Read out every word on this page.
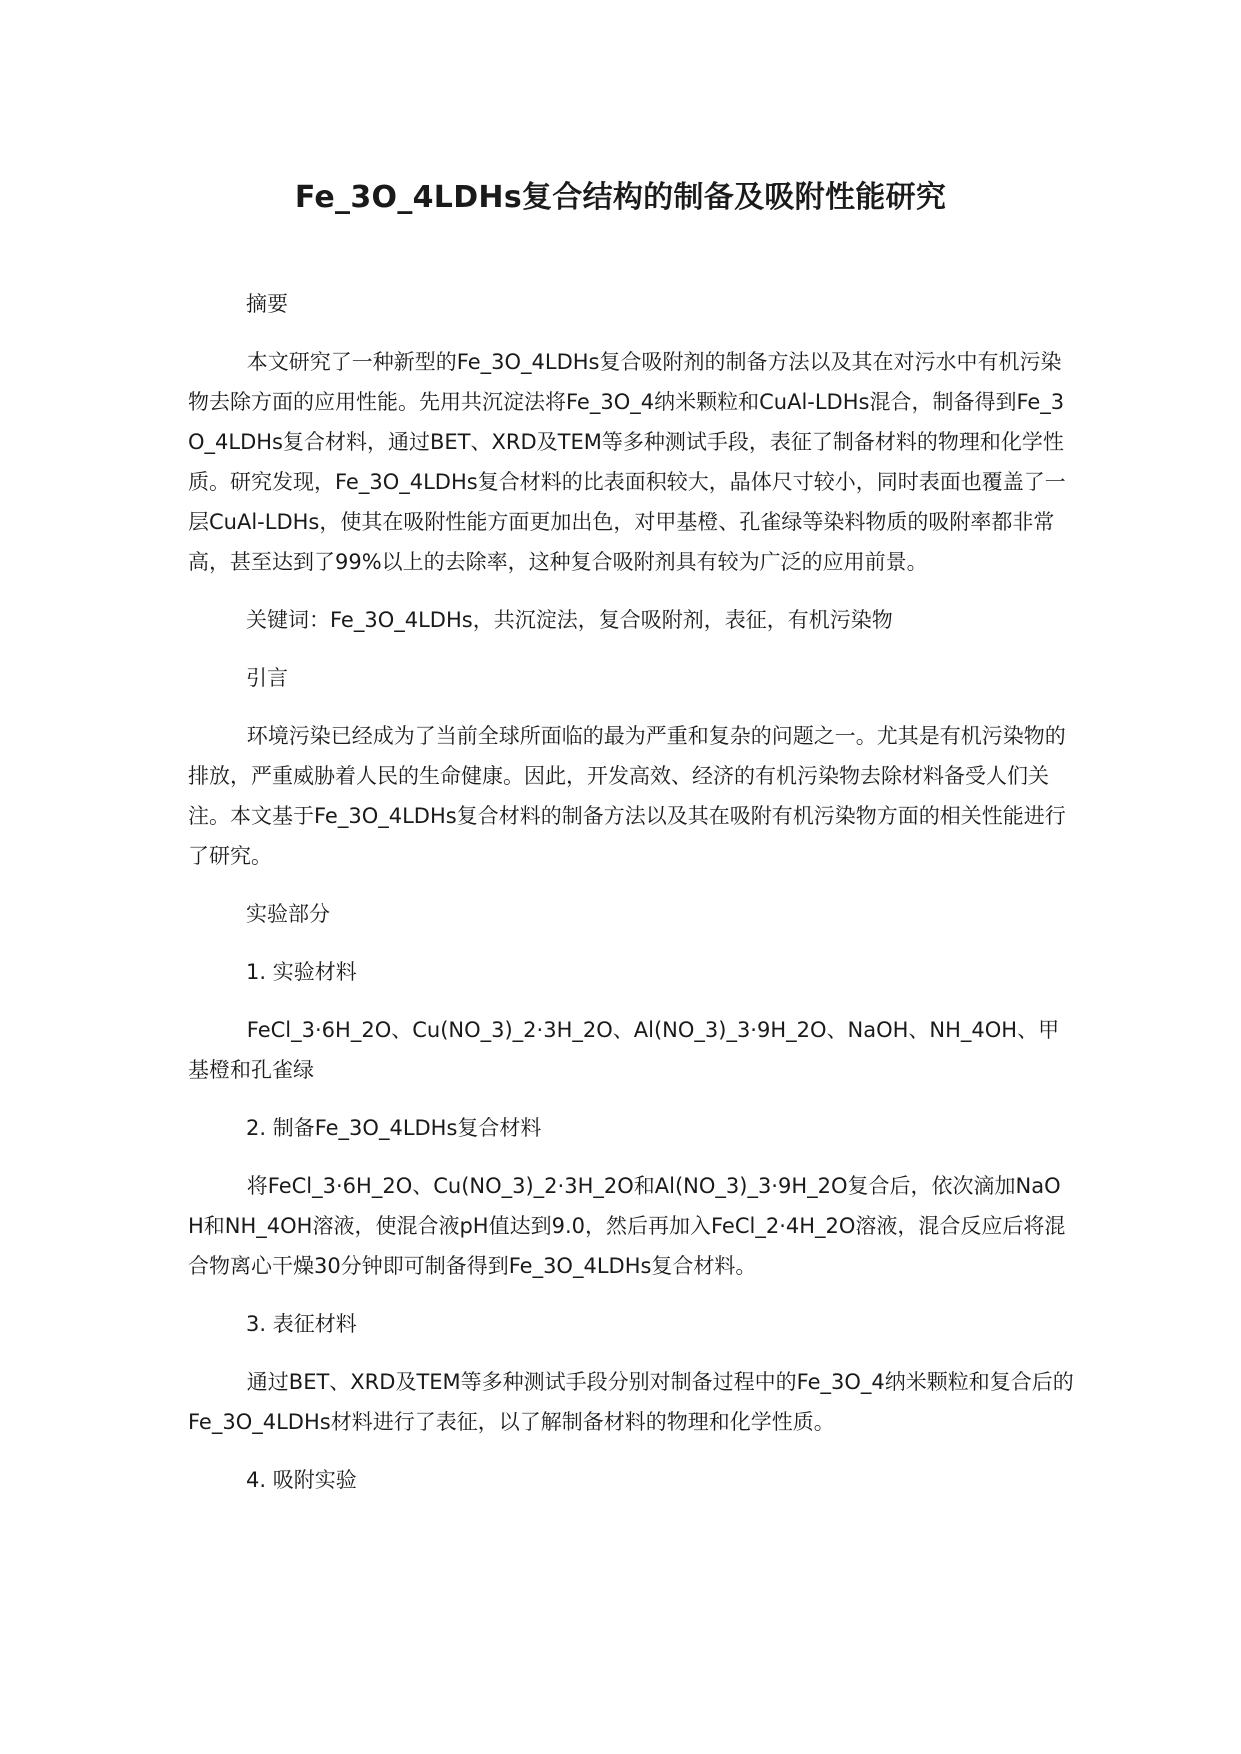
Fe_3O_4LDHs复合结构的制备及吸附性能研究
摘要
本文研究了一种新型的Fe_3O_4LDHs复合吸附剂的制备方法以及其在对污水中有机污染物去除方面的应用性能。先用共沉淀法将Fe_3O_4纳米颗粒和CuAl-LDHs混合，制备得到Fe_3O_4LDHs复合材料，通过BET、XRD及TEM等多种测试手段，表征了制备材料的物理和化学性质。研究发现，Fe_3O_4LDHs复合材料的比表面积较大，晶体尺寸较小，同时表面也覆盖了一层CuAl-LDHs，使其在吸附性能方面更加出色，对甲基橙、孔雀绿等染料物质的吸附率都非常高，甚至达到了99%以上的去除率，这种复合吸附剂具有较为广泛的应用前景。
关键词：Fe_3O_4LDHs，共沉淀法，复合吸附剂，表征，有机污染物
引言
环境污染已经成为了当前全球所面临的最为严重和复杂的问题之一。尤其是有机污染物的排放，严重威胁着人民的生命健康。因此，开发高效、经济的有机污染物去除材料备受人们关注。本文基于Fe_3O_4LDHs复合材料的制备方法以及其在吸附有机污染物方面的相关性能进行了研究。
实验部分
1. 实验材料
FeCl_3·6H_2O、Cu(NO_3)_2·3H_2O、Al(NO_3)_3·9H_2O、NaOH、NH_4OH、甲基橙和孔雀绿
2. 制备Fe_3O_4LDHs复合材料
将FeCl_3·6H_2O、Cu(NO_3)_2·3H_2O和Al(NO_3)_3·9H_2O复合后，依次滴加NaOH和NH_4OH溶液，使混合液pH值达到9.0，然后再加入FeCl_2·4H_2O溶液，混合反应后将混合物离心干燥30分钟即可制备得到Fe_3O_4LDHs复合材料。
3. 表征材料
通过BET、XRD及TEM等多种测试手段分别对制备过程中的Fe_3O_4纳米颗粒和复合后的Fe_3O_4LDHs材料进行了表征，以了解制备材料的物理和化学性质。
4. 吸附实验
